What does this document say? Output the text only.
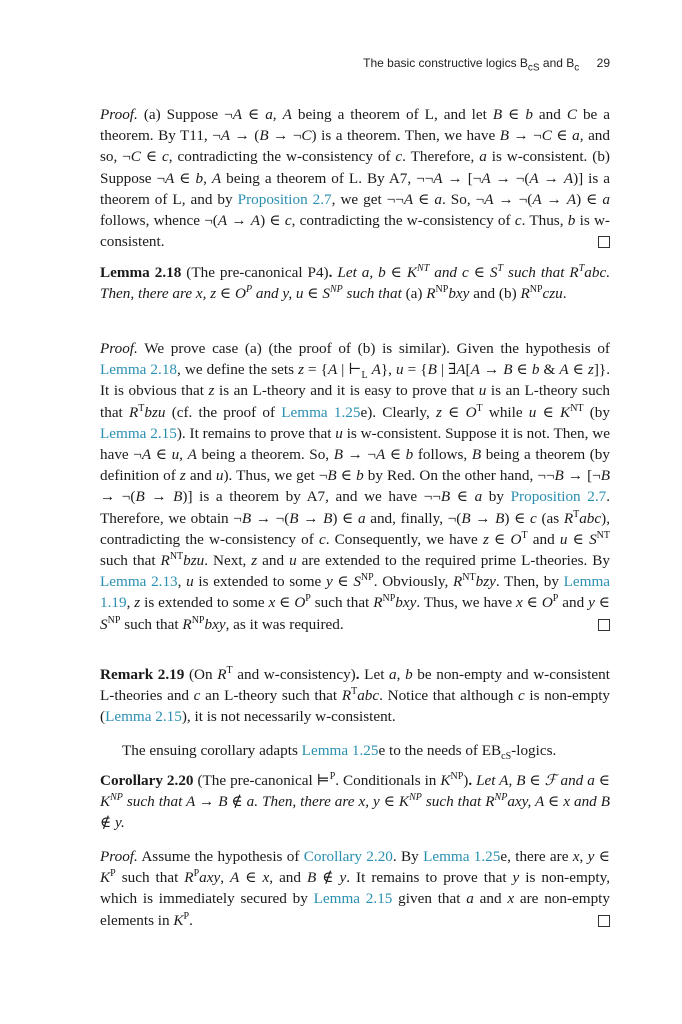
The basic constructive logics $B_{cS}$ and $B_c$ 29

Proof. (a) Suppose ¬A ∈ a, A being a theorem of L, and let B ∈ b and C be a theorem. By T11, ¬A → (B → ¬C) is a theorem. Then, we have B → ¬C ∈ a, and so, ¬C ∈ c, contradicting the w-consistency of c. Therefore, a is w-consistent. (b) Suppose ¬A ∈ b, A being a theorem of L. By A7, ¬¬A → [¬A → ¬(A → A)] is a theorem of L, and by Proposition 2.7, we get ¬¬A ∈ a. So, ¬A → ¬(A → A) ∈ a follows, whence ¬(A → A) ∈ c, contradicting the w-consistency of c. Thus, b is w-consistent.

Lemma 2.18 (The pre-canonical P4). Let a, b ∈ $K^{NT}$ and c ∈ $S^T$ such that $R^Tabc$. Then, there are x, z ∈ $O^P$ and y, u ∈ $S^{NP}$ such that (a) $R^{NP}bxy$ and (b) $R^{NP}czu$.

Proof. We prove case (a) (the proof of (b) is similar). Given the hypothesis of Lemma 2.18, we define the sets z = {A | $⊢_L$ A}, u = {B | ∃A[A → B ∈ b & A ∈ z]}. It is obvious that z is an L-theory and it is easy to prove that u is an L-theory such that $R^Tbzu$ (cf. the proof of Lemma 1.25e). Clearly, z ∈ $O^T$ while u ∈ $K^{NT}$ (by Lemma 2.15). It remains to prove that u is w-consistent. Suppose it is not. Then, we have ¬A ∈ u, A being a theorem. So, B → ¬A ∈ b follows, B being a theorem (by definition of z and u). Thus, we get ¬B ∈ b by Red. On the other hand, ¬¬B → [¬B → ¬(B → B)] is a theorem by A7, and we have ¬¬B ∈ a by Proposition 2.7. Therefore, we obtain ¬B → ¬(B → B) ∈ a and, finally, ¬(B → B) ∈ c (as $R^Tabc$), contradicting the w-consistency of c. Consequently, we have z ∈ $O^T$ and u ∈ $S^{NT}$ such that $R^{NT}bzu$. Next, z and u are extended to the required prime L-theories. By Lemma 2.13, u is extended to some y ∈ $S^{NP}$. Obviously, $R^{NT}bzy$. Then, by Lemma 1.19, z is extended to some x ∈ $O^P$ such that $R^{NP}bxy$. Thus, we have x ∈ $O^P$ and y ∈ $S^{NP}$ such that $R^{NP}bxy$, as it was required.

Remark 2.19 (On $R^T$ and w-consistency). Let a, b be non-empty and w-consistent L-theories and c an L-theory such that $R^Tabc$. Notice that although c is non-empty (Lemma 2.15), it is not necessarily w-consistent.

The ensuing corollary adapts Lemma 1.25e to the needs of $EB_{cS}$-logics.

Corollary 2.20 (The pre-canonical ⊨$^P$. Conditionals in $K^{NP}$). Let A, B ∈ ℱ and a ∈ $K^{NP}$ such that A → B ∉ a. Then, there are x, y ∈ $K^{NP}$ such that $R^{NP}axy$, A ∈ x and B ∉ y.

Proof. Assume the hypothesis of Corollary 2.20. By Lemma 1.25e, there are x, y ∈ $K^P$ such that $R^Paxy$, A ∈ x, and B ∉ y. It remains to prove that y is non-empty, which is immediately secured by Lemma 2.15 given that a and x are non-empty elements in $K^P$.
